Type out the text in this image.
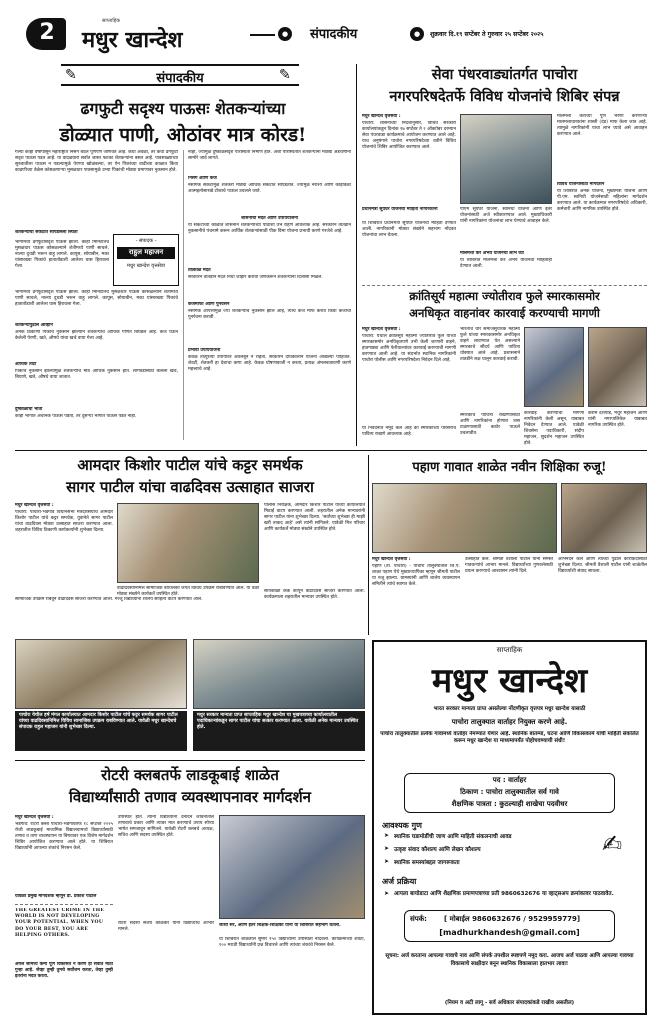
2	साप्ताहिक
मधुर खान्देश	●	संपादकीय	●	शुक्रवार दि.१९ सप्टेंबर ते गुरुवार २५ सप्टेंबर २०२५
✎	संपादकीय	✎
ढगफुटी सदृश्य पाऊसः शेतकऱ्यांच्या
डोळ्यात पाणी, ओठांवर मात्र कोरड!
गेल्या काही वर्षांपासून महाराष्ट्रात निसर्ग बदल पूर्णपणे जाणवत आहे. कधी अवेळी, तर कधी ढगफुटी सदृश पाऊस पडत आहे. या वादळवारा सर्वात जास्त फटका शेतकऱ्यांना बसत आहे. पावसाळ्याच्या सुरुवातीला पाऊस न पडल्यामुळे पेरण्या खोळंबल्या, तर ऐन पिकांच्या वाढीच्या काळात किंवा काढणीच्या वेळेस कोसळणाऱ्या मुसळधार पावसामुळे उभ्या पिकांची मोठ्या प्रमाणावर नुकसान होते.
शेतकऱ्यांची संकटात सापडलेली स्थिती
- संपादक -
राहुल महाजन
मधुर खान्देश वृत्तसेवा
भागांमध्ये ढगफुटीसदृश पाऊस झाला. काही मिनिटांतच मुसळधार पाऊस कोसळल्याने शेतीमध्ये पाणी साचले, नाल्या दुथडी भरून वाहू लागले. कापूस, सोयाबीन, मका यांसारख्या पिकांचे हातातोंडाशी आलेला घास हिरावला गेला.
भागांमध्ये ढगफुटीसदृश पाऊस झाला. काही मिनिटांतच मुसळधार पाऊस कोसळल्याने शेतीमध्ये पाणी साचले, नाल्या दुथडी भरून वाहू लागले. कापूस, सोयाबीन, मका यांसारख्या पिकांचे हातातोंडाशी आलेला घास हिरावला गेला.
शेतकऱ्यांपुढील आव्हाने
अनेक ठिकाणी पिकाचे नुकसान झाल्याने शेतकऱ्यांचे आर्थिक गणित बिघडले आहे. कर्ज घेऊन केलेली पेरणी, खते, औषधे यांचा खर्च वाया गेला आहे.
आर्थिक तोटा
पिकांचे नुकसान झाल्यामुळे शेतकऱ्यांचे मोठे आर्थिक नुकसान होते. लागवडीसाठी केलेला खर्च, बियाणे, खते, औषधे वाया जातात.
दुष्काळाची भीती
काही भागात अचानक पाऊस पडतो, तर दुसऱ्या भागांत पाऊस पडत नाही.
नाही, ज्यामुळे दुष्काळसदृश परिस्थिती निर्माण होते. अशा परिस्थितीत शेतकऱ्यांना मोठ्या अडचणींना सामोरे जावे लागते.
निसर्ग आणि कर्ज
नैसर्गिक संकटांमुळे शेतकरी मोठ्या आर्थिक संकटात सापडतात. ज्यामुळे नैराश्य आणि काहीवेळा आत्महत्येसारखे टोकाचे पाऊल उचलले जाते.
शासनाची मदत आणि उपाययोजना
या संकटाच्या काळात शासनाने शेतकऱ्यांच्या पाठीशी उभे राहणे आवश्यक आहे. सरकारने तातडीने नुकसानीचे पंचनामे करून आर्थिक शेतकऱ्यांसाठी पीक विमा योजना प्रभावी करणे गरजेचे आहे.
तात्काळ मदत
सरकारने तातडीने मदत निधी जाहीर करावा जेणेकरून शेतकऱ्यांना दिलासा मिळेल.
कर्जमाफी आणि पुनर्वसन
नैसर्गिक आपत्तीमुळे ज्या शेतकऱ्यांचे नुकसान झाले आहे, त्यांचे कर्ज माफ करावे किंवा कर्जाची पुनर्रचना करावी.
प्रभावी उपाययोजना
केवळ तात्पुरत्या उपायांवर अवलंबून न राहता, सरकारने दीर्घकालीन योजना आखल्या पाहिजेत. शेवटी, शेतकरी हा देशाचा कणा आहे. केवळ घोषणाबाजी न करता, प्रत्यक्ष अंमलबजावणी करणे महत्त्वाचे आहे.
सेवा पंधरवाड्यांतर्गत पाचोरा
नगरपरिषदेतर्फे विविध योजनांचे शिबिर संपन्न
मधुर खान्देश वृत्तसेवा :
पाचोरा: शासनाच्या निर्देशानुसार, विविध सरकारी कार्यालयांकडून दिनांक १७ सप्टेंबर ते २ ऑक्टोबर दरम्यान सेवा पंधरवाडा कार्यक्रमाचे आयोजन करण्यात आले आहे. याच अनुषंगाने पाचोरा नगरपरिषदेच्या वतीने विविध योजनांचे शिबिर आयोजित करण्यात आले.
प्रधानमंत्री सूर्यघर योजनेची माहिती नागरिकांना
या शिबिरात प्रधानमंत्री सूर्यघर योजनेची माहिती देण्यात आली. नागरिकांनी मोठ्या संख्येने सहभाग नोंदवत योजनांचा लाभ घेतला.
पीएम सूर्यघर योजना, स्वनिधी योजना आणि इतर योजनांसाठी अर्ज स्वीकारण्यात आले. मुख्याधिकारी यांनी नागरिकांना योजनांचा लाभ घेण्याचे आवाहन केले.
मालमत्ता कर अभय योजनेचा लाभ घ्या
या शिबिरात मालमत्ता कर अभय योजनेची माहितीही देण्यात आली.
मालमत्ता कराच्या पूर्ण भरणा करणाऱ्या मालमत्ताधारकांना शास्ती (दंड) माफ केला जात आहे. त्यामुळे नागरिकांनी याचा लाभ घ्यावे असे आवाहन करण्यात आले.
विविध योजनांसाठी मार्गदर्शन
या शिबिरात अनेक योजना, मुख्यमंत्री योजना आणि पी.एम. स्वनिधी योजनेसाठी महिलांना मार्गदर्शन करण्यात आले. या कार्यक्रमात नगरपरिषदेचे अधिकारी, कर्मचारी आणि नागरिक उपस्थित होते.
क्रांतिसूर्य महात्मा ज्योतीराव फुले स्मारकासमोर
अनधिकृत वाहनांवर कारवाई करण्याची मागणी
मधुर खान्देश वृत्तसेवा :
पाचोरा: येथील क्रांतिसूर्य महात्मा ज्योतीराव फुले यांच्या स्मारकासमोर अनधिकृतपणे उभी केली जाणारी वाहने, हातगाड्या आणि फेरीवाल्यांवर कारवाई करण्याची मागणी करण्यात आली आहे. या संदर्भात स्थानिक नागरिकांनी पाचोरा पोलीस आणि नगरपरिषदेला निवेदन दिले आहे.
या निवेदनात नमूद केले आहे की स्मारकाच्या परिसराचे पावित्र्य राखणे आवश्यक आहे.
भारताचे थोर समाजसुधारक महात्मा फुले यांच्या स्मारकासमोर अनधिकृत वाहने लावण्यात येत असल्याने स्मारकाचे सौंदर्य आणि पावित्र्य धोक्यात आले आहे. प्रशासनाने तातडीने लक्ष घालून कारवाई करावी.
स्मारकाचे पावित्र्य राखण्यासाठी आणि नागरिकांना होणारा त्रास टाळण्यासाठी कठोर पाऊले उचलावीत.
कारवाई करण्याची मागणी नागरिकांनी केली असून, याबाबत निवेदन देण्यात आले. यावेळी शिवसेना पदाधिकारी, संदीप महाजन, सुदर्शन महाजन उपस्थित होते.
करीम देशपांडे, मधुर महाजन आणि यांनी नगरपालिकेत याबाबत नागरिक उपस्थित होते.
आमदार किशोर पाटील यांचे कट्टर समर्थक
सागर पाटील यांचा वाढदिवस उत्साहात साजरा
मधुर खान्देश वृत्तसेवा :
पाचोरा: पाचोरा-भडगाव विधानसभा मतदारसंघाचे आमदार किशोर पाटील यांचे कट्टर समर्थक, युवानेते सागर पाटील यांचा वाढदिवस मोठ्या उत्साहात साजरा करण्यात आला. शहरातील विविध ठिकाणी कार्यकर्त्यांनी शुभेच्छा दिल्या.
वाढदिवसानिमित्त सामाजिक बांधिलकी जपत विविध उपक्रम राबविण्यात आले. या वेळी मोठ्या संख्येने कार्यकर्ते उपस्थित होते.
पोलीस निरीक्षक, आमदार किशोर पाटील यांच्या कार्यालयात मिठाई वाटप करण्यात आली. शहरातील अनेक मान्यवरांनी सागर पाटील यांना शुभेच्छा दिल्या. 'सर्वांच्या शुभेच्छा ही माझी खरी ताकद आहे' असे त्यांनी सांगितले. यावेळी मित्र परिवार आणि कार्यकर्ते मोठ्या संख्येने उपस्थित होते.
सायंकाळी केक कापून वाढदिवस साजरा करण्यात आला. कार्यक्रमाला शहरातील मान्यवर उपस्थित होते.
सामाजिक उपक्रम राबवून वाढदिवस साजरा करण्यात आला. गरजू विद्यार्थ्यांना शालेय साहित्य वाटप करण्यात आले.
पाचोरा येथील हर्ष मंगल कार्यालयात आमदार किशोर पाटील यांचे कट्टर समर्थक सागर पाटील यांच्या वाढदिवसानिमित्त विविध सामाजिक उपक्रम राबविण्यात आले. यावेळी मधुर खान्देशचे संपादक राहुल महाजन यांनी शुभेच्छा दिल्या.
मधुर सरकार मान्यता प्राप्त साप्ताहिक मधुर खान्देश चा मुखपत्राच्या कार्यालयातील पदाधिकाऱ्यांकडून सागर पाटील यांचा सत्कार करण्यात आला. यावेळी अनेक मान्यवर उपस्थित होते.
पहाण गावात शाळेत नवीन शिक्षिका रुजू!
मधुर खान्देश वृत्तसेवा :
पहाण (ता. पाचोरा) - पाचोरा तालुक्यातील जि.प. शाळा पहाण येथे मुख्याध्यापिका म्हणून श्रीमती पाटील या रुजू झाल्या. ग्रामस्थांनी आणि शालेय व्यवस्थापन समितीने त्यांचे स्वागत केले.
उत्साहात केले. श्रीमती वैशाली पाटील यांनी समस्त गावकऱ्यांचे आभार मानले. विद्यार्थ्यांच्या गुणवत्तेसाठी प्रयत्न करण्याचे आश्वासन त्यांनी दिले.
अभिनंदन केले आणि त्यांच्या पुढील कारकिर्दीसाठी शुभेच्छा दिल्या. श्रीमती वैशाली पाटील यांनी शाळेतील विद्यार्थ्यांशी संवाद साधला.
साप्ताहिक
मधुर खान्देश
भारत सरकार मान्यता प्राप्त असलेल्या नोंदणीकृत वृत्तपत्र मधुर खान्देश यासाठी
पाचोरा तालुक्यात वार्ताहर नियुक्त करणे आहे.
पाचोरा तालुक्यातील प्रत्येक गावामध्ये वार्ताहर नेमण्यात येणार आहे. स्थानिक बातम्या, घटना आणि विकासकामे यांची माहिती संकलित करून मधुर खान्देश या माध्यमापर्यंत पोहोचवण्याची संधी!
पद : वार्ताहर
ठिकाण : पाचोरा तालुक्यातील सर्व गावे
शैक्षणिक पात्रता : कुठल्याही शाखेचा पदवीधर
आवश्यक गुण
➤ स्थानिक घडामोडींची जाण आणि माहिती संकलनाची आवड
➤ उत्कृष्ट संवाद कौशल्य आणि लेखन कौशल्य
➤ स्थानिक समस्यांबद्दल जागरूकता
✍
अर्ज प्रक्रिया
➤ आपला बायोडाटा आणि शैक्षणिक प्रमाणपत्राच्या प्रती 9860632676 या व्हाट्सअप क्रमांकावर पाठवावेत.
संपर्क: [ मोबाईल 9860632676 / 9529959779]
[madhurkhandesh@gmail.com]
सूचना: अर्ज करताना आपल्या गावाचे नाव आणि संपर्क तपशील स्पष्टपणे नमूद करा. आजच अर्ज पाठवा आणि आपल्या गावच्या विकासाचे साक्षीदार बनून स्थानिक विकासाला हातभार लावा!
(नियम व अटी लागू - सर्व अधिकार संपादकांकडे राखीव असतील)
रोटरी क्लबतर्फे लाडकूबाई शाळेत
विद्यार्थ्यांसाठी तणाव व्यवस्थापनावर मार्गदर्शन
मधुर खान्देश वृत्तसेवा :
भडगाव: रोटरी क्लब पाचोरा-भडगावतर्फे १८ सप्टेंबर २०२५ रोजी लाडकूबाई माध्यमिक विद्यालयामध्ये विद्यार्थ्यांसाठी तणाव व ताण व्यवस्थापन या विषयावर एक विशेष मार्गदर्शन शिबिर आयोजित करण्यात आले होते. या शिबिरात विद्यार्थ्यांनी आपल्या शंकांचे निरसन केले.
यावेळी प्रमुख मार्गदर्शक म्हणून डॉ. प्रकाश पाटील
THE GREATEST CRIME IN THE WORLD IS NOT DEVELOPING YOUR POTENTIAL. WHEN YOU DO YOUR BEST, YOU ARE HELPING OTHERS.
अपले सामर्थ्य कमी पूर्ण विकसित न करणे हा सर्वात मोठा गुन्हा आहे. जेव्हा तुम्ही तुमचे सर्वोत्तम करता, तेव्हा तुम्ही इतरांना मदत करता.
उपस्थित होते. त्यांनी विद्यार्थ्यांना दैनंदिन जीवनातील तणावाचे प्रकार आणि त्यावर मात करण्याचे उपाय सोप्या भाषेत समजावून सांगितले. यावेळी रोटरी क्लबचे अध्यक्ष, सचिव आणि सदस्य उपस्थित होते.
रोटरी सदस्य संजय कोळेकर यांनी विद्यार्थ्यांचे आभार मानले.
जोशी सर, आणि इतर शिक्षक-शिक्षिका यांनी या शिबिरात सहभाग घेतला.
या शिबिरात शाळेतील सुमारे १५० विद्यार्थ्यांनी उपस्थिती नोंदवली. कार्यक्रमाच्या शेवटी, १०० मराठी विद्यार्थ्यांनी प्रश्न विचारले आणि त्यांच्या शंकांचे निरसन केले.
